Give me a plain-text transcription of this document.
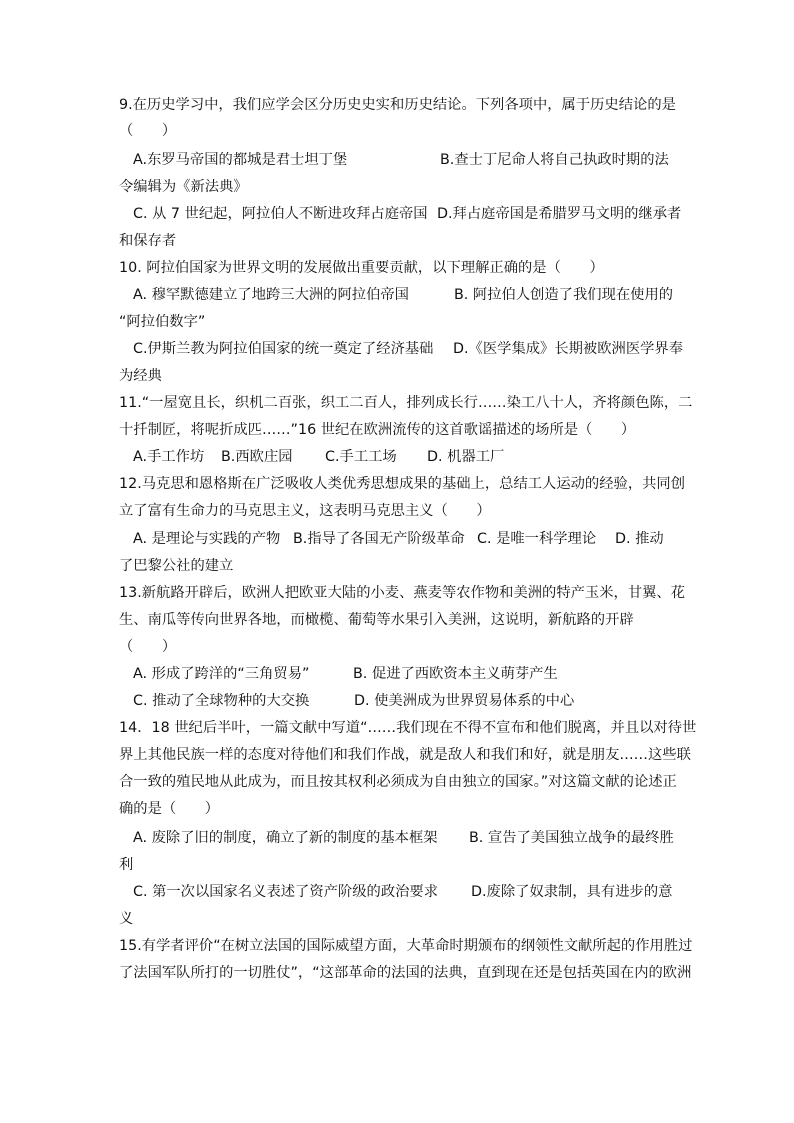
9.在历史学习中，我们应学会区分历史史实和历史结论。下列各项中，属于历史结论的是
（　　）
A.东罗马帝国的都城是君士坦丁堡	B.查士丁尼命人将自己执政时期的法
令编辑为《新法典》
C. 从 7 世纪起，阿拉伯人不断进攻拜占庭帝国 D.拜占庭帝国是希腊罗马文明的继承者
和保存者
10. 阿拉伯国家为世界文明的发展做出重要贡献，以下理解正确的是（　　）
A. 穆罕默德建立了地跨三大洲的阿拉伯帝国	B. 阿拉伯人创造了我们现在使用的
“阿拉伯数字”
C.伊斯兰教为阿拉伯国家的统一奠定了经济基础 D.《医学集成》长期被欧洲医学界奉
为经典
11.“一屋宽且长，织机二百张，织工二百人，排列成长行……染工八十人，齐将颜色陈，二
十扦制匠，将呢折成匹……”16 世纪在欧洲流传的这首歌谣描述的场所是（　　）
A.手工作坊 B.西欧庄园 C.手工工场 D. 机器工厂
12.马克思和恩格斯在广泛吸收人类优秀思想成果的基础上，总结工人运动的经验，共同创
立了富有生命力的马克思主义，这表明马克思主义（　　）
A. 是理论与实践的产物 B.指导了各国无产阶级革命 C. 是唯一科学理论 D. 推动
了巴黎公社的建立
13.新航路开辟后，欧洲人把欧亚大陆的小麦、燕麦等农作物和美洲的特产玉米，甘翼、花
生、南瓜等传向世界各地，而橄榄、葡萄等水果引入美洲，这说明，新航路的开辟
（　　）
A. 形成了跨洋的“三角贸易”	B. 促进了西欧资本主义萌芽产生
C. 推动了全球物种的大交换	D. 使美洲成为世界贸易体系的中心
14．18 世纪后半叶，一篇文献中写道“……我们现在不得不宣布和他们脱离，并且以对待世
界上其他民族一样的态度对待他们和我们作战，就是敌人和我们和好，就是朋友……这些联
合一致的殖民地从此成为，而且按其权利必须成为自由独立的国家。”对这篇文献的论述正
确的是（　　）
A. 废除了旧的制度，确立了新的制度的基本框架 B. 宣告了美国独立战争的最终胜
利
C. 第一次以国家名义表述了资产阶级的政治要求 D.废除了奴隶制，具有进步的意
义
15.有学者评价“在树立法国的国际威望方面，大革命时期颁布的纲领性文献所起的作用胜过
了法国军队所打的一切胜仗”，“这部革命的法国的法典，直到现在还是包括英国在内的欧洲
